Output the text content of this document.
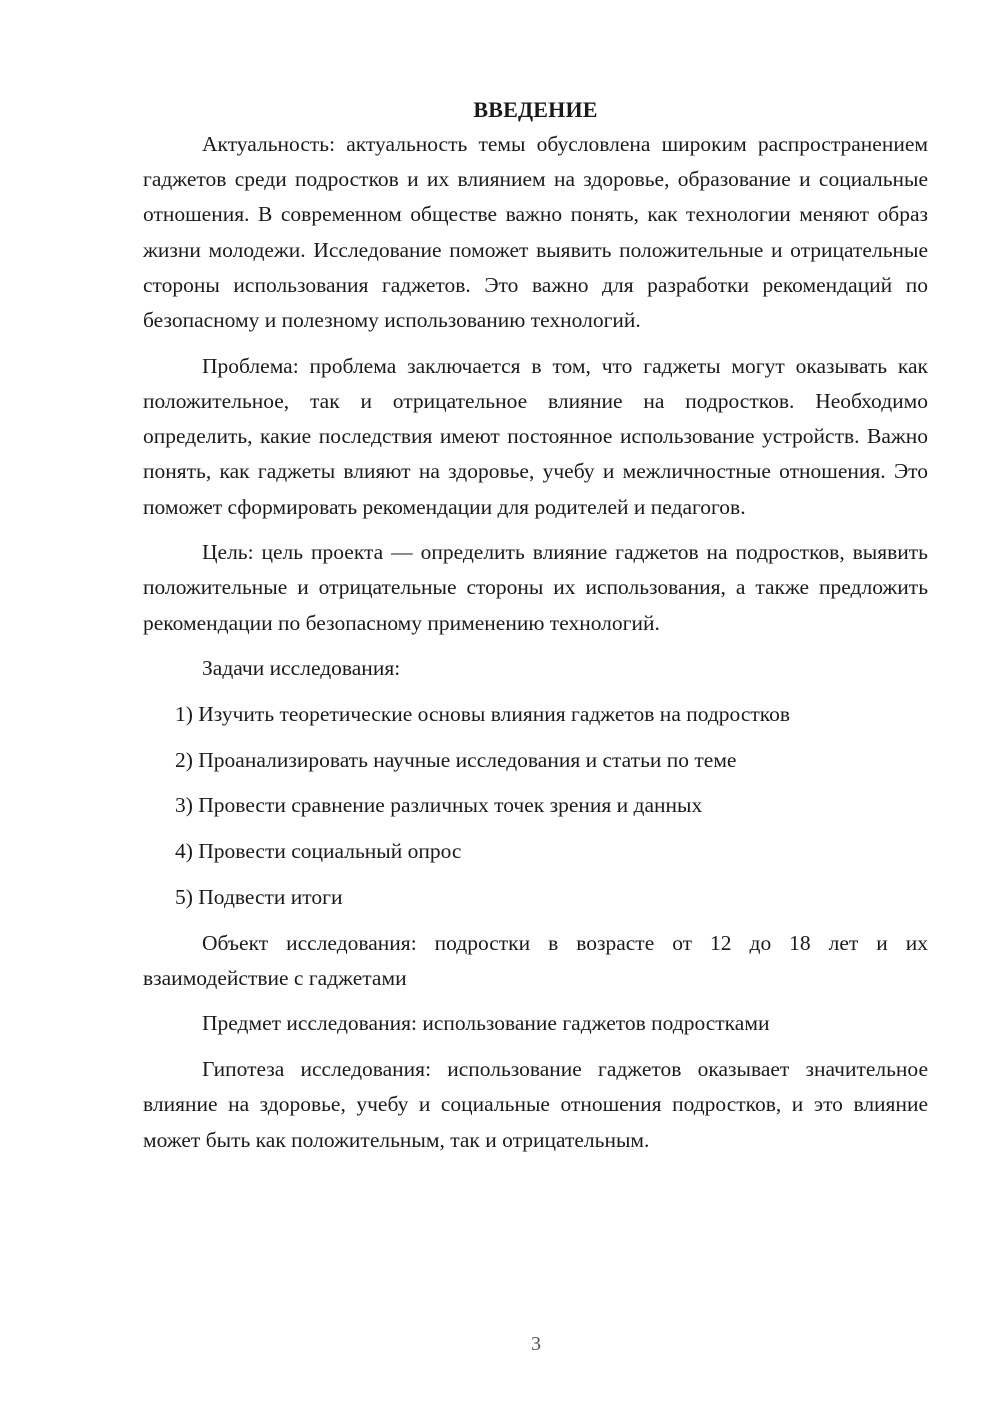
ВВЕДЕНИЕ

Актуальность: актуальность темы обусловлена широким распространением гаджетов среди подростков и их влиянием на здоровье, образование и социальные отношения. В современном обществе важно понять, как технологии меняют образ жизни молодежи. Исследование поможет выявить положительные и отрицательные стороны использования гаджетов. Это важно для разработки рекомендаций по безопасному и полезному использованию технологий.

Проблема: проблема заключается в том, что гаджеты могут оказывать как положительное, так и отрицательное влияние на подростков. Необходимо определить, какие последствия имеют постоянное использование устройств. Важно понять, как гаджеты влияют на здоровье, учебу и межличностные отношения. Это поможет сформировать рекомендации для родителей и педагогов.

Цель: цель проекта — определить влияние гаджетов на подростков, выявить положительные и отрицательные стороны их использования, а также предложить рекомендации по безопасному применению технологий.

Задачи исследования:

1) Изучить теоретические основы влияния гаджетов на подростков
2) Проанализировать научные исследования и статьи по теме
3) Провести сравнение различных точек зрения и данных
4) Провести социальный опрос
5) Подвести итоги

Объект исследования: подростки в возрасте от 12 до 18 лет и их взаимодействие с гаджетами

Предмет исследования: использование гаджетов подростками

Гипотеза исследования: использование гаджетов оказывает значительное влияние на здоровье, учебу и социальные отношения подростков, и это влияние может быть как положительным, так и отрицательным.

3
